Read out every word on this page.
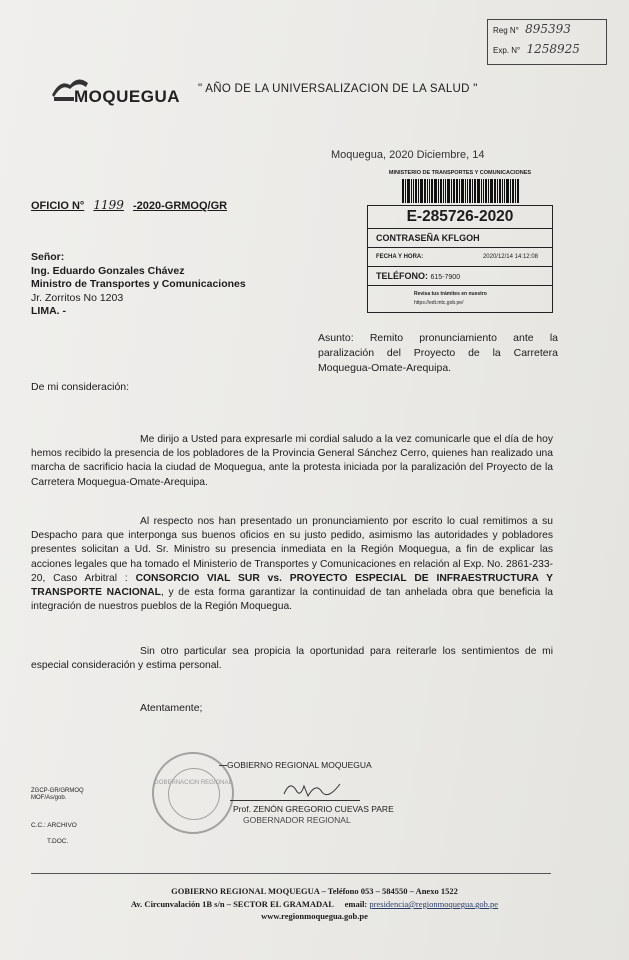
Reg N° 895393
Exp. N° 1258925
MOQUEGUA " AÑO DE LA UNIVERSALIZACION DE LA SALUD "
Moquegua, 2020 Diciembre, 14
OFICIO N° 1199 -2020-GRMOQ/GR
MINISTERIO DE TRANSPORTES Y COMUNICACIONES
E-285726-2020
CONTRASEÑA KFLGOH
FECHA Y HORA:	2020/12/14 14:12:08
TELÉFONO: 615-7900
Revisa tus trámites en nuestro
https://edt.mtc.gob.pe/
Señor:
Ing. Eduardo Gonzales Chávez
Ministro de Transportes y Comunicaciones
Jr. Zorritos No 1203
LIMA. -
Asunto: Remito pronunciamiento ante la paralización del Proyecto de la Carretera Moquegua-Omate-Arequipa.
De mi consideración:
Me dirijo a Usted para expresarle mi cordial saludo a la vez comunicarle que el día de hoy hemos recibido la presencia de los pobladores de la Provincia General Sánchez Cerro, quienes han realizado una marcha de sacrificio hacia la ciudad de Moquegua, ante la protesta iniciada por la paralización del Proyecto de la Carretera Moquegua-Omate-Arequipa.
Al respecto nos han presentado un pronunciamiento por escrito lo cual remitimos a su Despacho para que interponga sus buenos oficios en su justo pedido, asimismo las autoridades y pobladores presentes solicitan a Ud. Sr. Ministro su presencia inmediata en la Región Moquegua, a fin de explicar las acciones legales que ha tomado el Ministerio de Transportes y Comunicaciones en relación al Exp. No. 2861-233-20, Caso Arbitral : CONSORCIO VIAL SUR vs. PROYECTO ESPECIAL DE INFRAESTRUCTURA Y TRANSPORTE NACIONAL, y de esta forma garantizar la continuidad de tan anhelada obra que beneficia la integración de nuestros pueblos de la Región Moquegua.
Sin otro particular sea propicia la oportunidad para reiterarle los sentimientos de mi especial consideración y estima personal.
Atentamente;
GOBERNACION REGIONAL
GOBIERNO REGIONAL MOQUEGUA
Prof. ZENÓN GREGORIO CUEVAS PARE
GOBERNADOR REGIONAL
ZGCP-GR/GRMOQ
MOF/As/gob.
C.C.: ARCHIVO
T.DOC.
GOBIERNO REGIONAL MOQUEGUA – Teléfono 053 – 584550 – Anexo 1522
Av. Circunvalación 1B s/n – SECTOR EL GRAMADAL email: presidencia@regionmoquegua.gob.pe
www.regionmoquegua.gob.pe
